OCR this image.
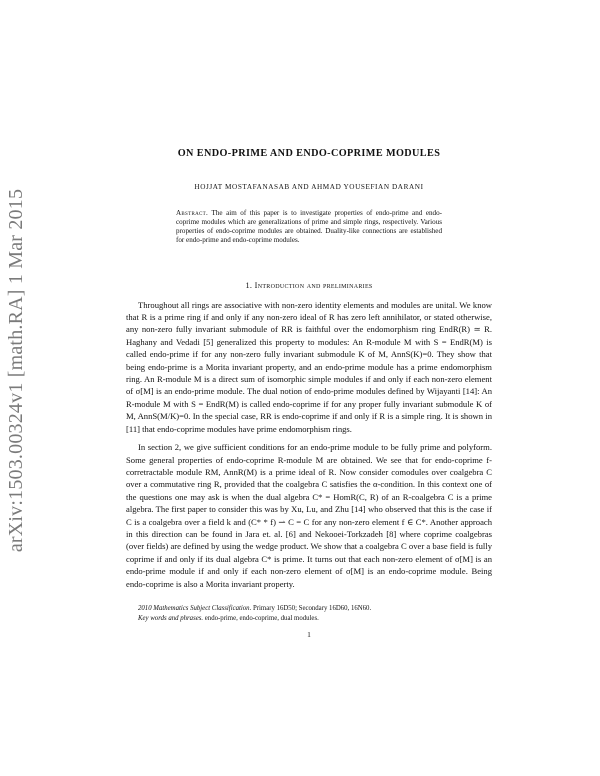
arXiv:1503.00324v1 [math.RA] 1 Mar 2015
ON ENDO-PRIME AND ENDO-COPRIME MODULES
HOJJAT MOSTAFANASAB AND AHMAD YOUSEFIAN DARANI
Abstract. The aim of this paper is to investigate properties of endo-prime and endo-coprime modules which are generalizations of prime and simple rings, respectively. Various properties of endo-coprime modules are obtained. Duality-like connections are established for endo-prime and endo-coprime modules.
1. Introduction and preliminaries

Throughout all rings are associative with non-zero identity elements and modules are unital. We know that R is a prime ring if and only if any non-zero ideal of R has zero left annihilator, or stated otherwise, any non-zero fully invariant submodule of RR is faithful over the endomorphism ring EndR(R) ≃ R. Haghany and Vedadi [5] generalized this property to modules: An R-module M with S = EndR(M) is called endo-prime if for any non-zero fully invariant submodule K of M, AnnS(K)=0. They show that being endo-prime is a Morita invariant property, and an endo-prime module has a prime endomorphism ring. An R-module M is a direct sum of isomorphic simple modules if and only if each non-zero element of σ[M] is an endo-prime module. The dual notion of endo-prime modules defined by Wijayanti [14]: An R-module M with S = EndR(M) is called endo-coprime if for any proper fully invariant submodule K of M, AnnS(M/K)=0. In the special case, RR is endo-coprime if and only if R is a simple ring. It is shown in [11] that endo-coprime modules have prime endomorphism rings.

In section 2, we give sufficient conditions for an endo-prime module to be fully prime and polyform. Some general properties of endo-coprime R-module M are obtained. We see that for endo-coprime f-corretractable module RM, AnnR(M) is a prime ideal of R. Now consider comodules over coalgebra C over a commutative ring R, provided that the coalgebra C satisfies the α-condition. In this context one of the questions one may ask is when the dual algebra C* = HomR(C, R) of an R-coalgebra C is a prime algebra. The first paper to consider this was by Xu, Lu, and Zhu [14] who observed that this is the case if C is a coalgebra over a field k and (C* * f) ⇀ C = C for any non-zero element f ∈ C*. Another approach in this direction can be found in Jara et. al. [6] and Nekooei-Torkzadeh [8] where coprime coalgebras (over fields) are defined by using the wedge product. We show that a coalgebra C over a base field is fully coprime if and only if its dual algebra C* is prime. It turns out that each non-zero element of σ[M] is an endo-prime module if and only if each non-zero element of σ[M] is an endo-coprime module. Being endo-coprime is also a Morita invariant property.

2010 Mathematics Subject Classification. Primary 16D50; Secondary 16D60, 16N60.
Key words and phrases. endo-prime, endo-coprime, dual modules.
1
